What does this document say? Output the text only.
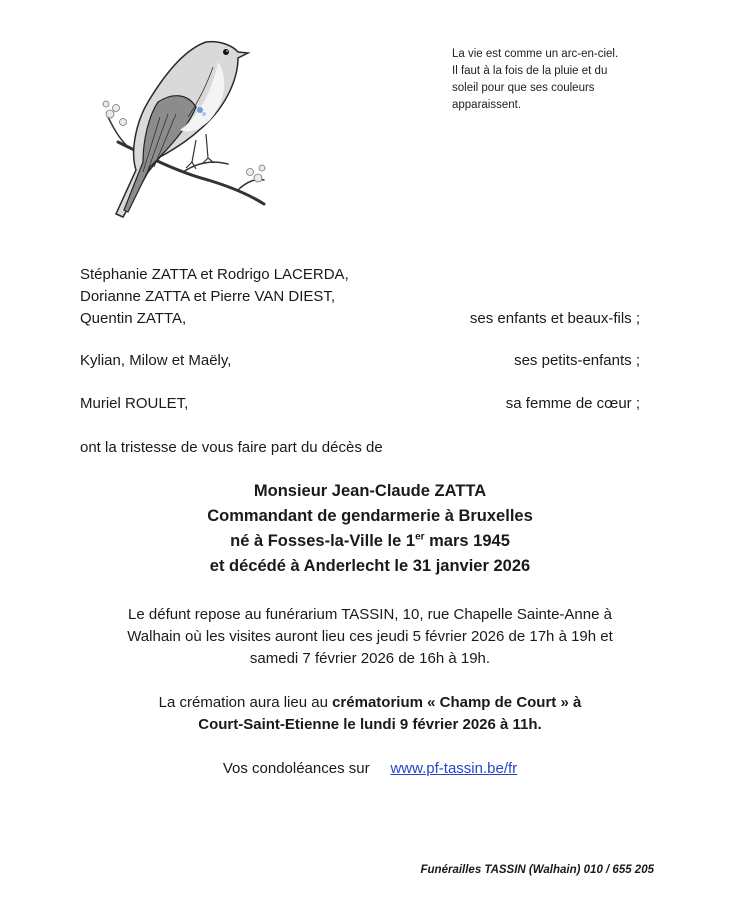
La vie est comme un arc-en-ciel.
Il faut à la fois de la pluie et du
soleil pour que ses couleurs
apparaissent.
Stéphanie ZATTA et Rodrigo LACERDA,
Dorianne ZATTA et Pierre VAN DIEST,
Quentin ZATTA,	ses enfants et beaux-fils ;
Kylian, Milow et Maëly,	ses petits-enfants ;
Muriel ROULET,	sa femme de cœur ;
ont la tristesse de vous faire part du décès de
Monsieur Jean-Claude ZATTA
Commandant de gendarmerie à Bruxelles
né à Fosses-la-Ville le 1er mars 1945
et décédé à Anderlecht le 31 janvier 2026
Le défunt repose au funérarium TASSIN, 10, rue Chapelle Sainte-Anne à
Walhain où les visites auront lieu ces jeudi 5 février 2026 de 17h à 19h et
samedi 7 février 2026 de 16h à 19h.
La crémation aura lieu au crématorium « Champ de Court » à
Court-Saint-Etienne le lundi 9 février 2026 à 11h.
Vos condoléances sur www.pf-tassin.be/fr
Funérailles TASSIN (Walhain) 010 / 655 205
